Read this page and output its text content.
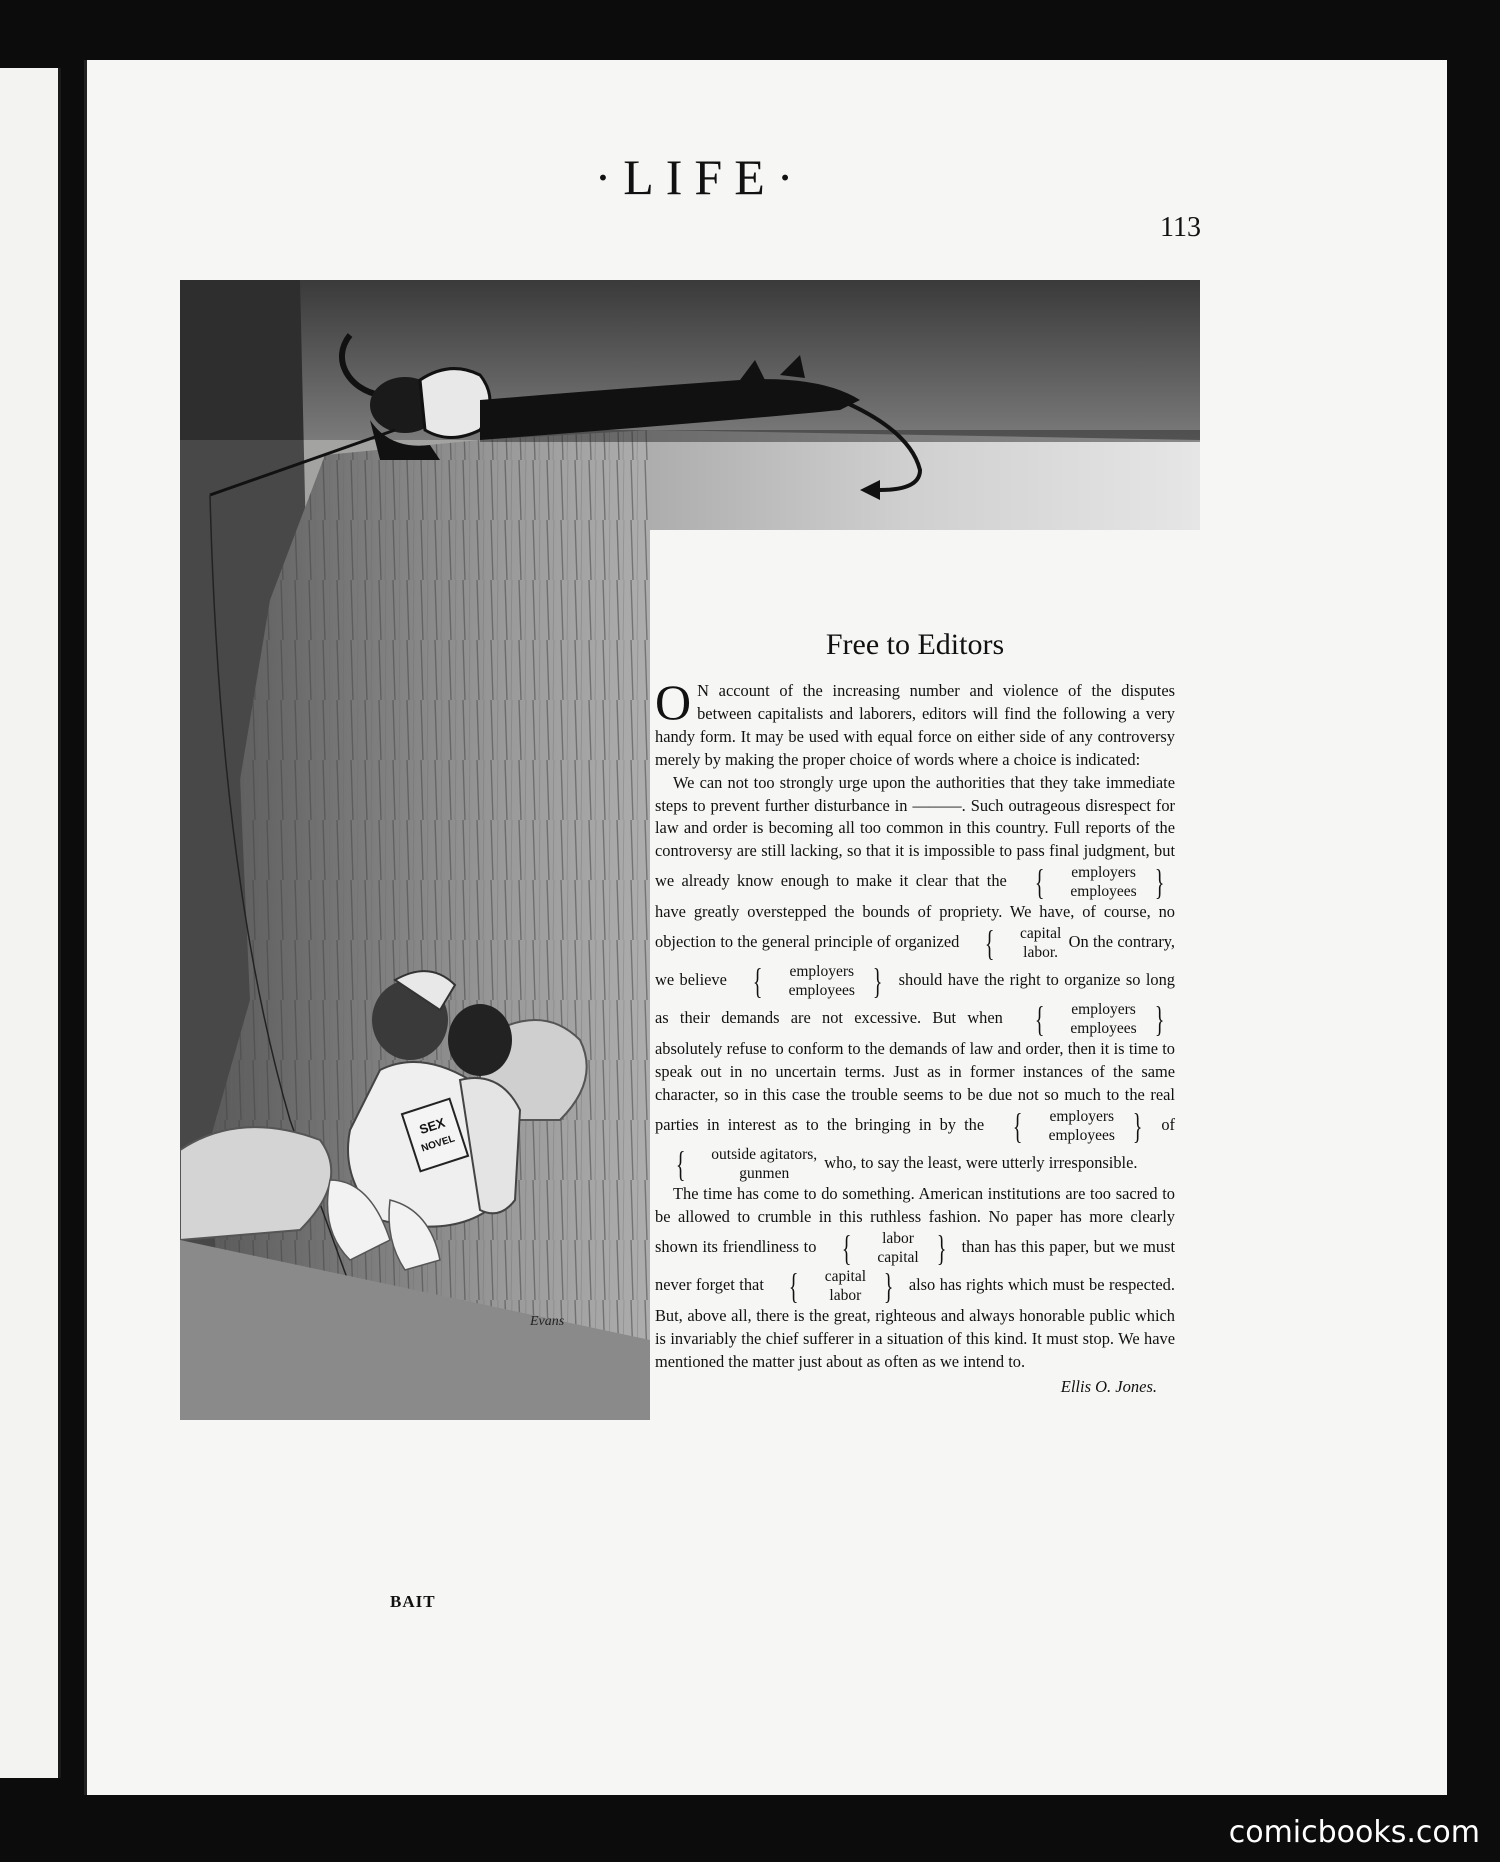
·LIFE·
113
SEX
NOVEL
Evans
BAIT
Free to Editors

O N account of the increasing number and violence of the disputes between capitalists and laborers, editors will find the following a very handy form. It may be used with equal force on either side of any controversy merely by making the proper choice of words where a choice is indicated:

We can not too strongly urge upon the authorities that they take immediate steps to prevent further disturbance in ———. Such outrageous disrespect for law and order is becoming all too common in this country. Full reports of the controversy are still lacking, so that it is impossible to pass final judgment, but we already know enough to make it clear that the {	employers
employees }
have greatly overstepped the bounds of propriety. We have, of course, no objection to the general principle of organized {	capital
labor.
On the contrary, we believe {	employers
employees } should have the right to organize so long as their demands are not excessive. But when {	employers
employees }
absolutely refuse to conform to the demands of law and order, then it is time to speak out in no uncertain terms. Just as in former instances of the same character, so in this case the trouble seems to be due not so much to the real parties in interest as to the bringing in by the {	employers
employees } of
{	outside agitators,
gunmen
who, to say the least, were utterly irresponsible.

The time has come to do something. American institutions are too sacred to be allowed to crumble in this ruthless fashion. No paper has more clearly shown its friendliness to {	labor
capital } than has this paper, but we must never forget that {	capital
labor } also has rights which must be respected. But, above all, there is the great, righteous and always honorable public which is invariably the chief sufferer in a situation of this kind. It must stop. We have mentioned the matter just about as often as we intend to.

Ellis O. Jones.
comicbooks.com
